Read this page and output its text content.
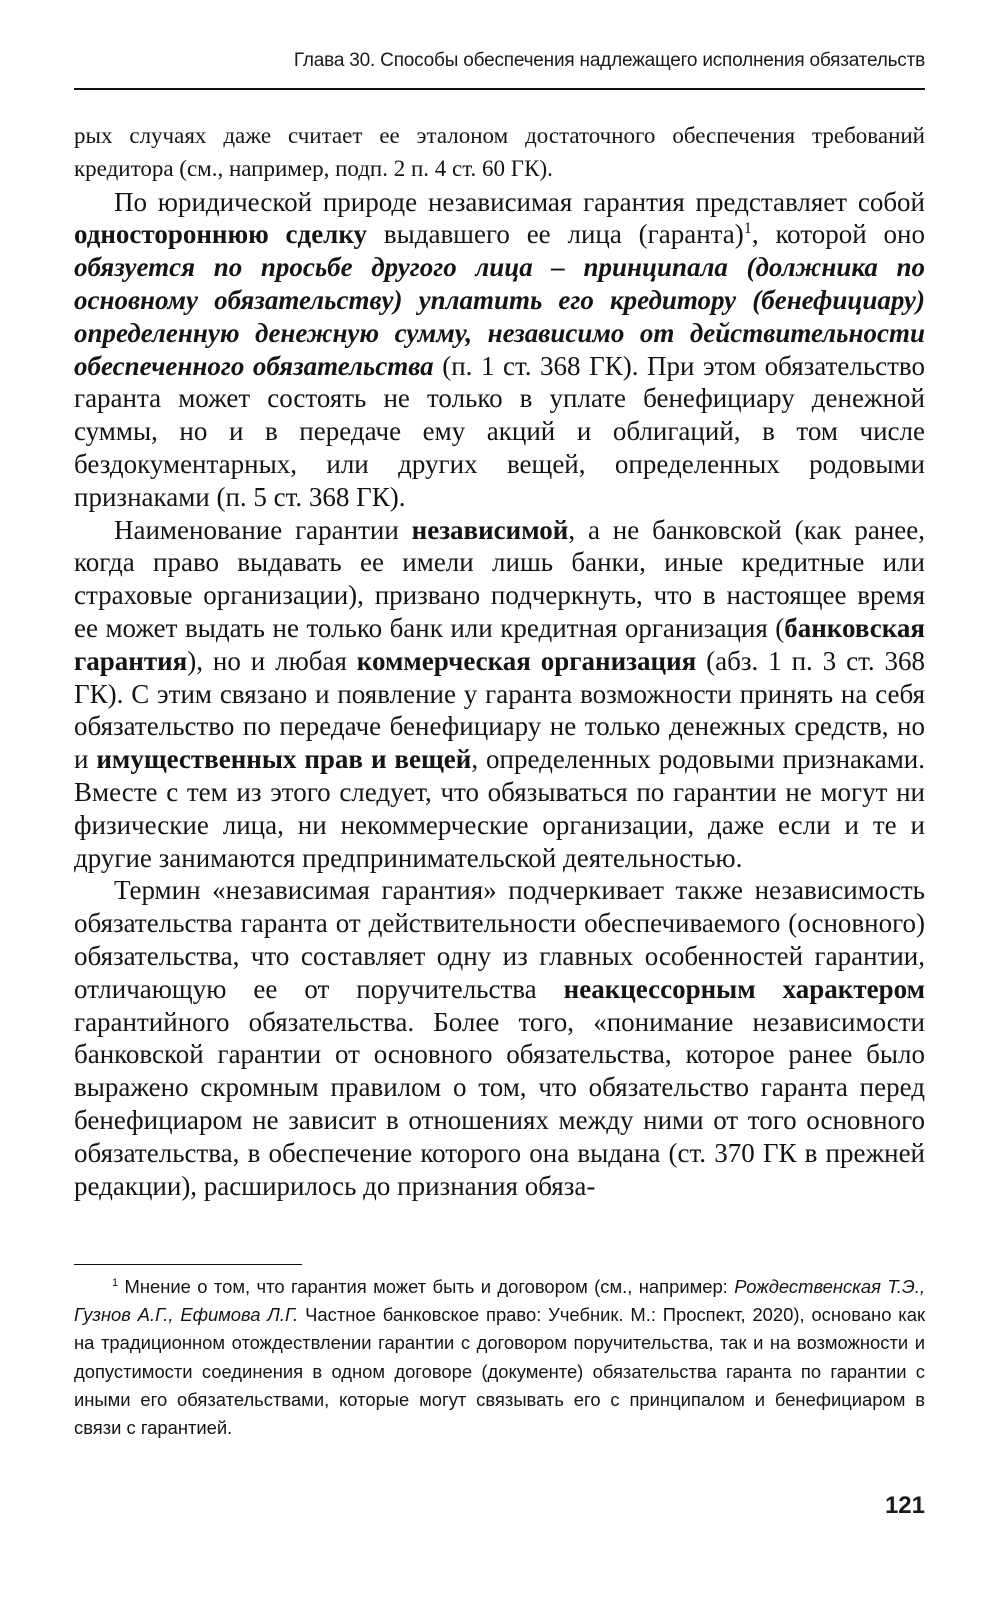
Глава 30. Способы обеспечения надлежащего исполнения обязательств

рых случаях даже считает ее эталоном достаточного обеспечения требований кредитора (см., например, подп. 2 п. 4 ст. 60 ГК).

По юридической природе независимая гарантия представляет собой одностороннюю сделку выдавшего ее лица (гаранта)$^1$, которой оно обязуется по просьбе другого лица – принципала (должника по основному обязательству) уплатить его кредитору (бенефициару) определенную денежную сумму, независимо от действительности обеспеченного обязательства (п. 1 ст. 368 ГК). При этом обязательство гаранта может состоять не только в уплате бенефициару денежной суммы, но и в передаче ему акций и облигаций, в том числе бездокументарных, или других вещей, определенных родовыми признаками (п. 5 ст. 368 ГК).

Наименование гарантии независимой, а не банковской (как ранее, когда право выдавать ее имели лишь банки, иные кредитные или страховые организации), призвано подчеркнуть, что в настоящее время ее может выдать не только банк или кредитная организация (банковская гарантия), но и любая коммерческая организация (абз. 1 п. 3 ст. 368 ГК). С этим связано и появление у гаранта возможности принять на себя обязательство по передаче бенефициару не только денежных средств, но и имущественных прав и вещей, определенных родовыми признаками. Вместе с тем из этого следует, что обязываться по гарантии не могут ни физические лица, ни некоммерческие организации, даже если и те и другие занимаются предпринимательской деятельностью.

Термин «независимая гарантия» подчеркивает также независимость обязательства гаранта от действительности обеспечиваемого (основного) обязательства, что составляет одну из главных особенностей гарантии, отличающую ее от поручительства неакцессорным характером гарантийного обязательства. Более того, «понимание независимости банковской гарантии от основного обязательства, которое ранее было выражено скромным правилом о том, что обязательство гаранта перед бенефициаром не зависит в отношениях между ними от того основного обязательства, в обеспечение которого она выдана (ст. 370 ГК в прежней редакции), расширилось до признания обяза-

$^1$ Мнение о том, что гарантия может быть и договором (см., например: Рождественская Т.Э., Гузнов А.Г., Ефимова Л.Г. Частное банковское право: Учебник. М.: Проспект, 2020), основано как на традиционном отождествлении гарантии с договором поручительства, так и на возможности и допустимости соединения в одном договоре (документе) обязательства гаранта по гарантии с иными его обязательствами, которые могут связывать его с принципалом и бенефициаром в связи с гарантией.

121
